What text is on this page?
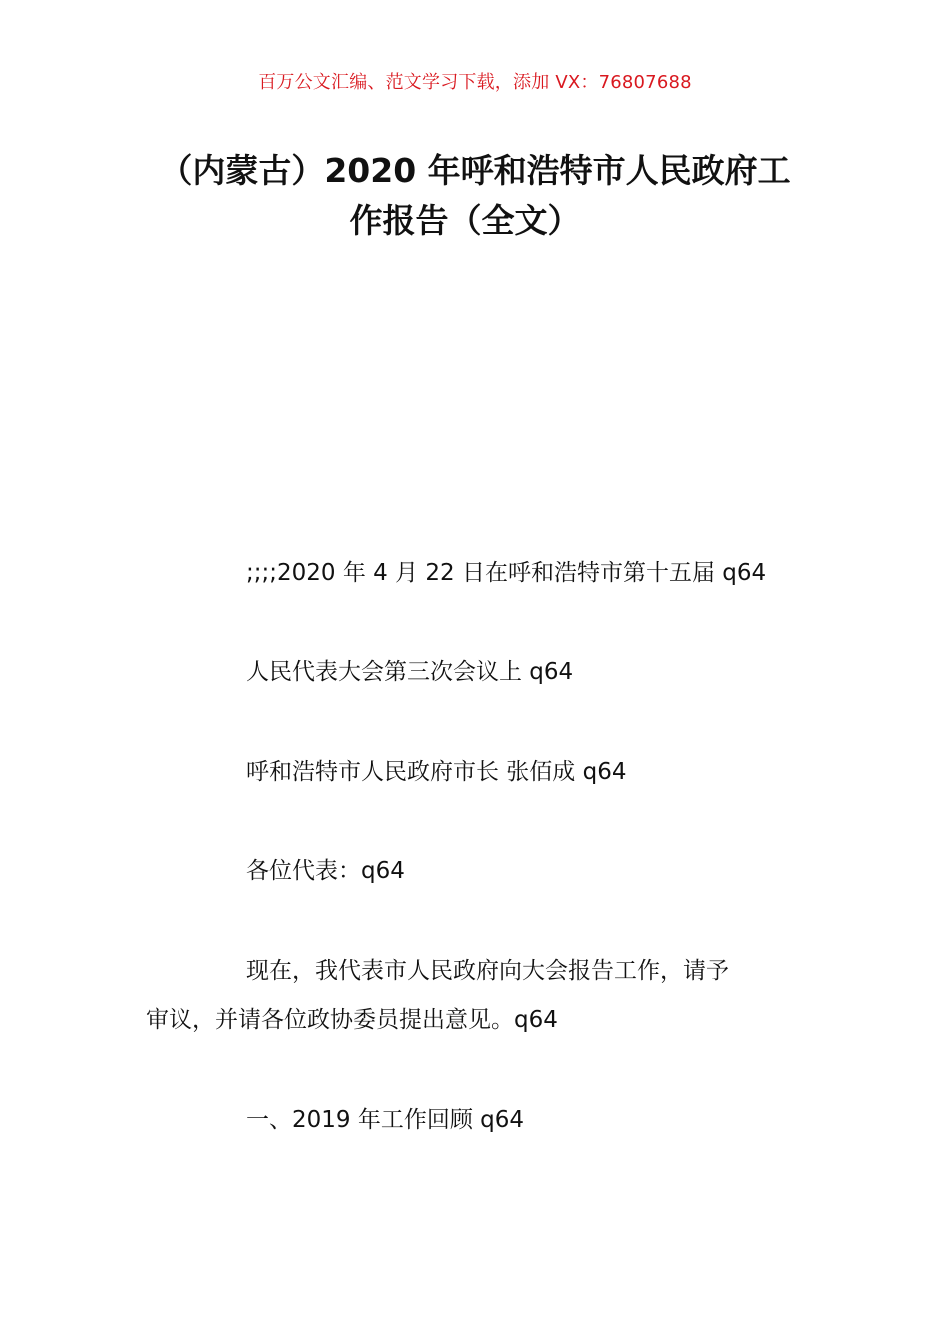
百万公文汇编、范文学习下载，添加 VX：76807688
（内蒙古）2020 年呼和浩特市人民政府工
作报告（全文）
;;;;2020 年 4 月 22 日在呼和浩特市第十五届 q64
人民代表大会第三次会议上 q64
呼和浩特市人民政府市长 张佰成 q64
各位代表：q64
现在，我代表市人民政府向大会报告工作，请予
审议，并请各位政协委员提出意见。q64
一、2019 年工作回顾 q64
